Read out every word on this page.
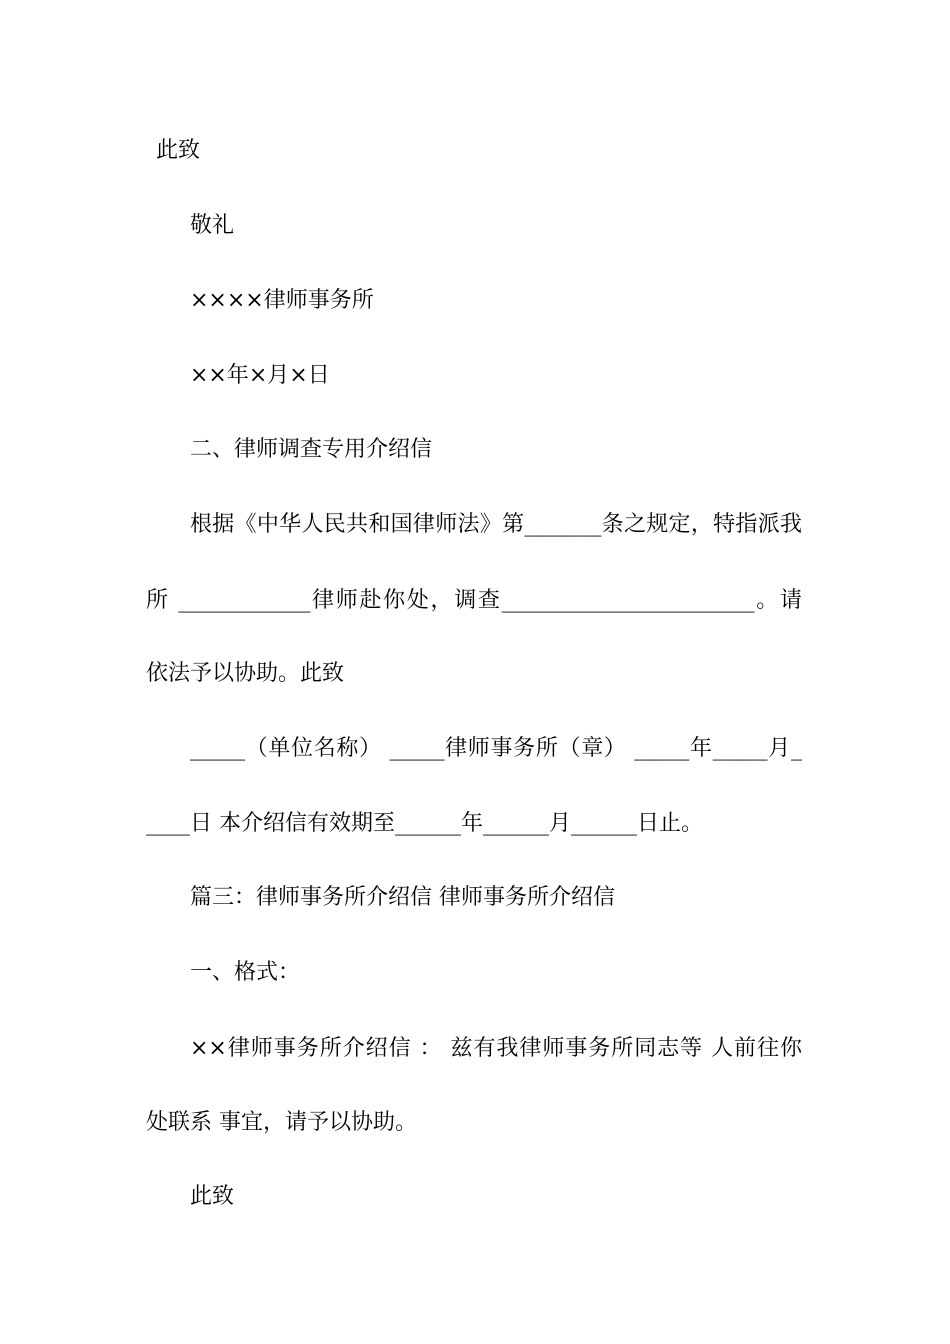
此致
敬礼
××××律师事务所
××年×月×日
二、律师调查专用介绍信
根据《中华人民共和国律师法》第_______条之规定，特指派我
所 ____________律师赴你处，调查_______________________。请
依法予以协助。此致
_____（单位名称） _____律师事务所（章） _____年_____月_
____日 本介绍信有效期至______年______月______日止。
篇三：律师事务所介绍信 律师事务所介绍信
一、格式：
××律师事务所介绍信 ： 兹有我律师事务所同志等 人前往你
处联系 事宜，请予以协助。
此致
